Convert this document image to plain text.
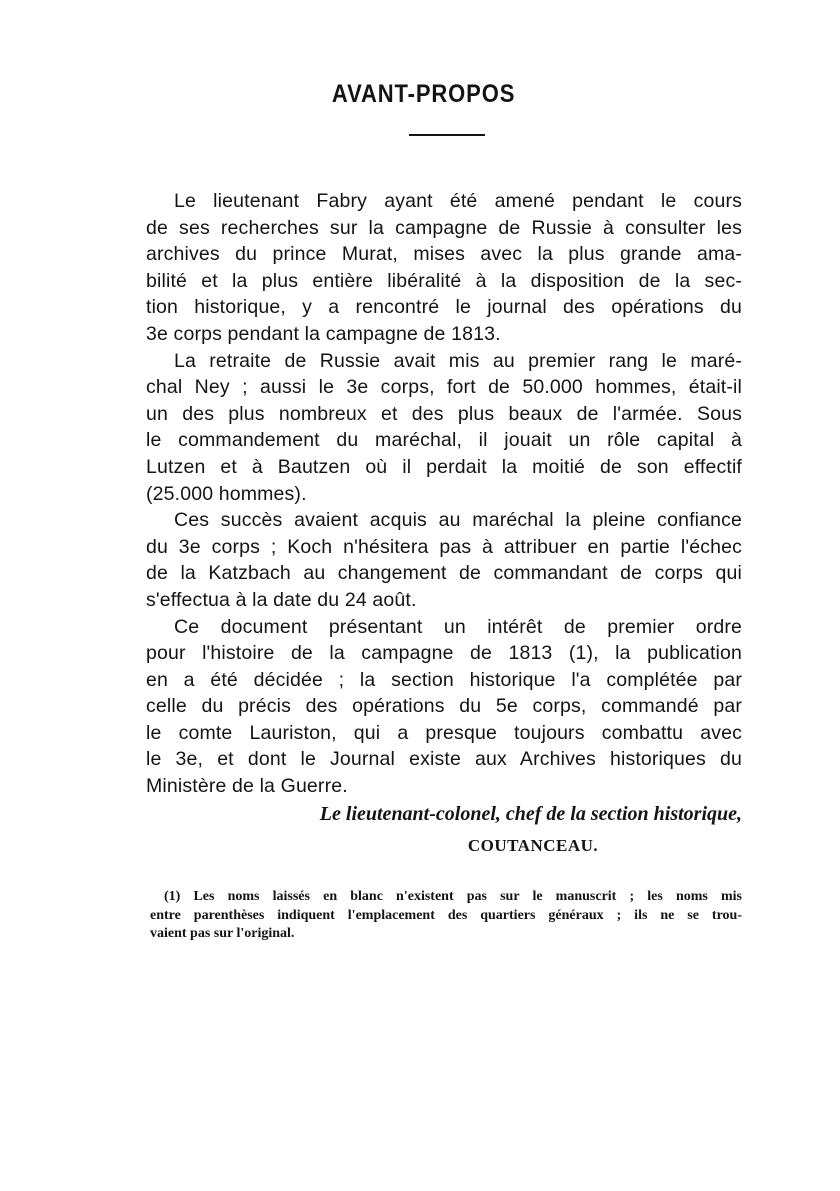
AVANT-PROPOS

Le lieutenant Fabry ayant été amené pendant le cours
de ses recherches sur la campagne de Russie à consulter les
archives du prince Murat, mises avec la plus grande ama-
bilité et la plus entière libéralité à la disposition de la sec-
tion historique, y a rencontré le journal des opérations du
3e corps pendant la campagne de 1813.

La retraite de Russie avait mis au premier rang le maré-
chal Ney ; aussi le 3e corps, fort de 50.000 hommes, était-il
un des plus nombreux et des plus beaux de l'armée. Sous
le commandement du maréchal, il jouait un rôle capital à
Lutzen et à Bautzen où il perdait la moitié de son effectif
(25.000 hommes).

Ces succès avaient acquis au maréchal la pleine confiance
du 3e corps ; Koch n'hésitera pas à attribuer en partie l'échec
de la Katzbach au changement de commandant de corps qui
s'effectua à la date du 24 août.

Ce document présentant un intérêt de premier ordre
pour l'histoire de la campagne de 1813 (1), la publication
en a été décidée ; la section historique l'a complétée par
celle du précis des opérations du 5e corps, commandé par
le comte Lauriston, qui a presque toujours combattu avec
le 3e, et dont le Journal existe aux Archives historiques du
Ministère de la Guerre.

Le lieutenant-colonel, chef de la section historique,
COUTANCEAU.
(1) Les noms laissés en blanc n'existent pas sur le manuscrit ; les noms mis
entre parenthèses indiquent l'emplacement des quartiers généraux ; ils ne se trou-
vaient pas sur l'original.
